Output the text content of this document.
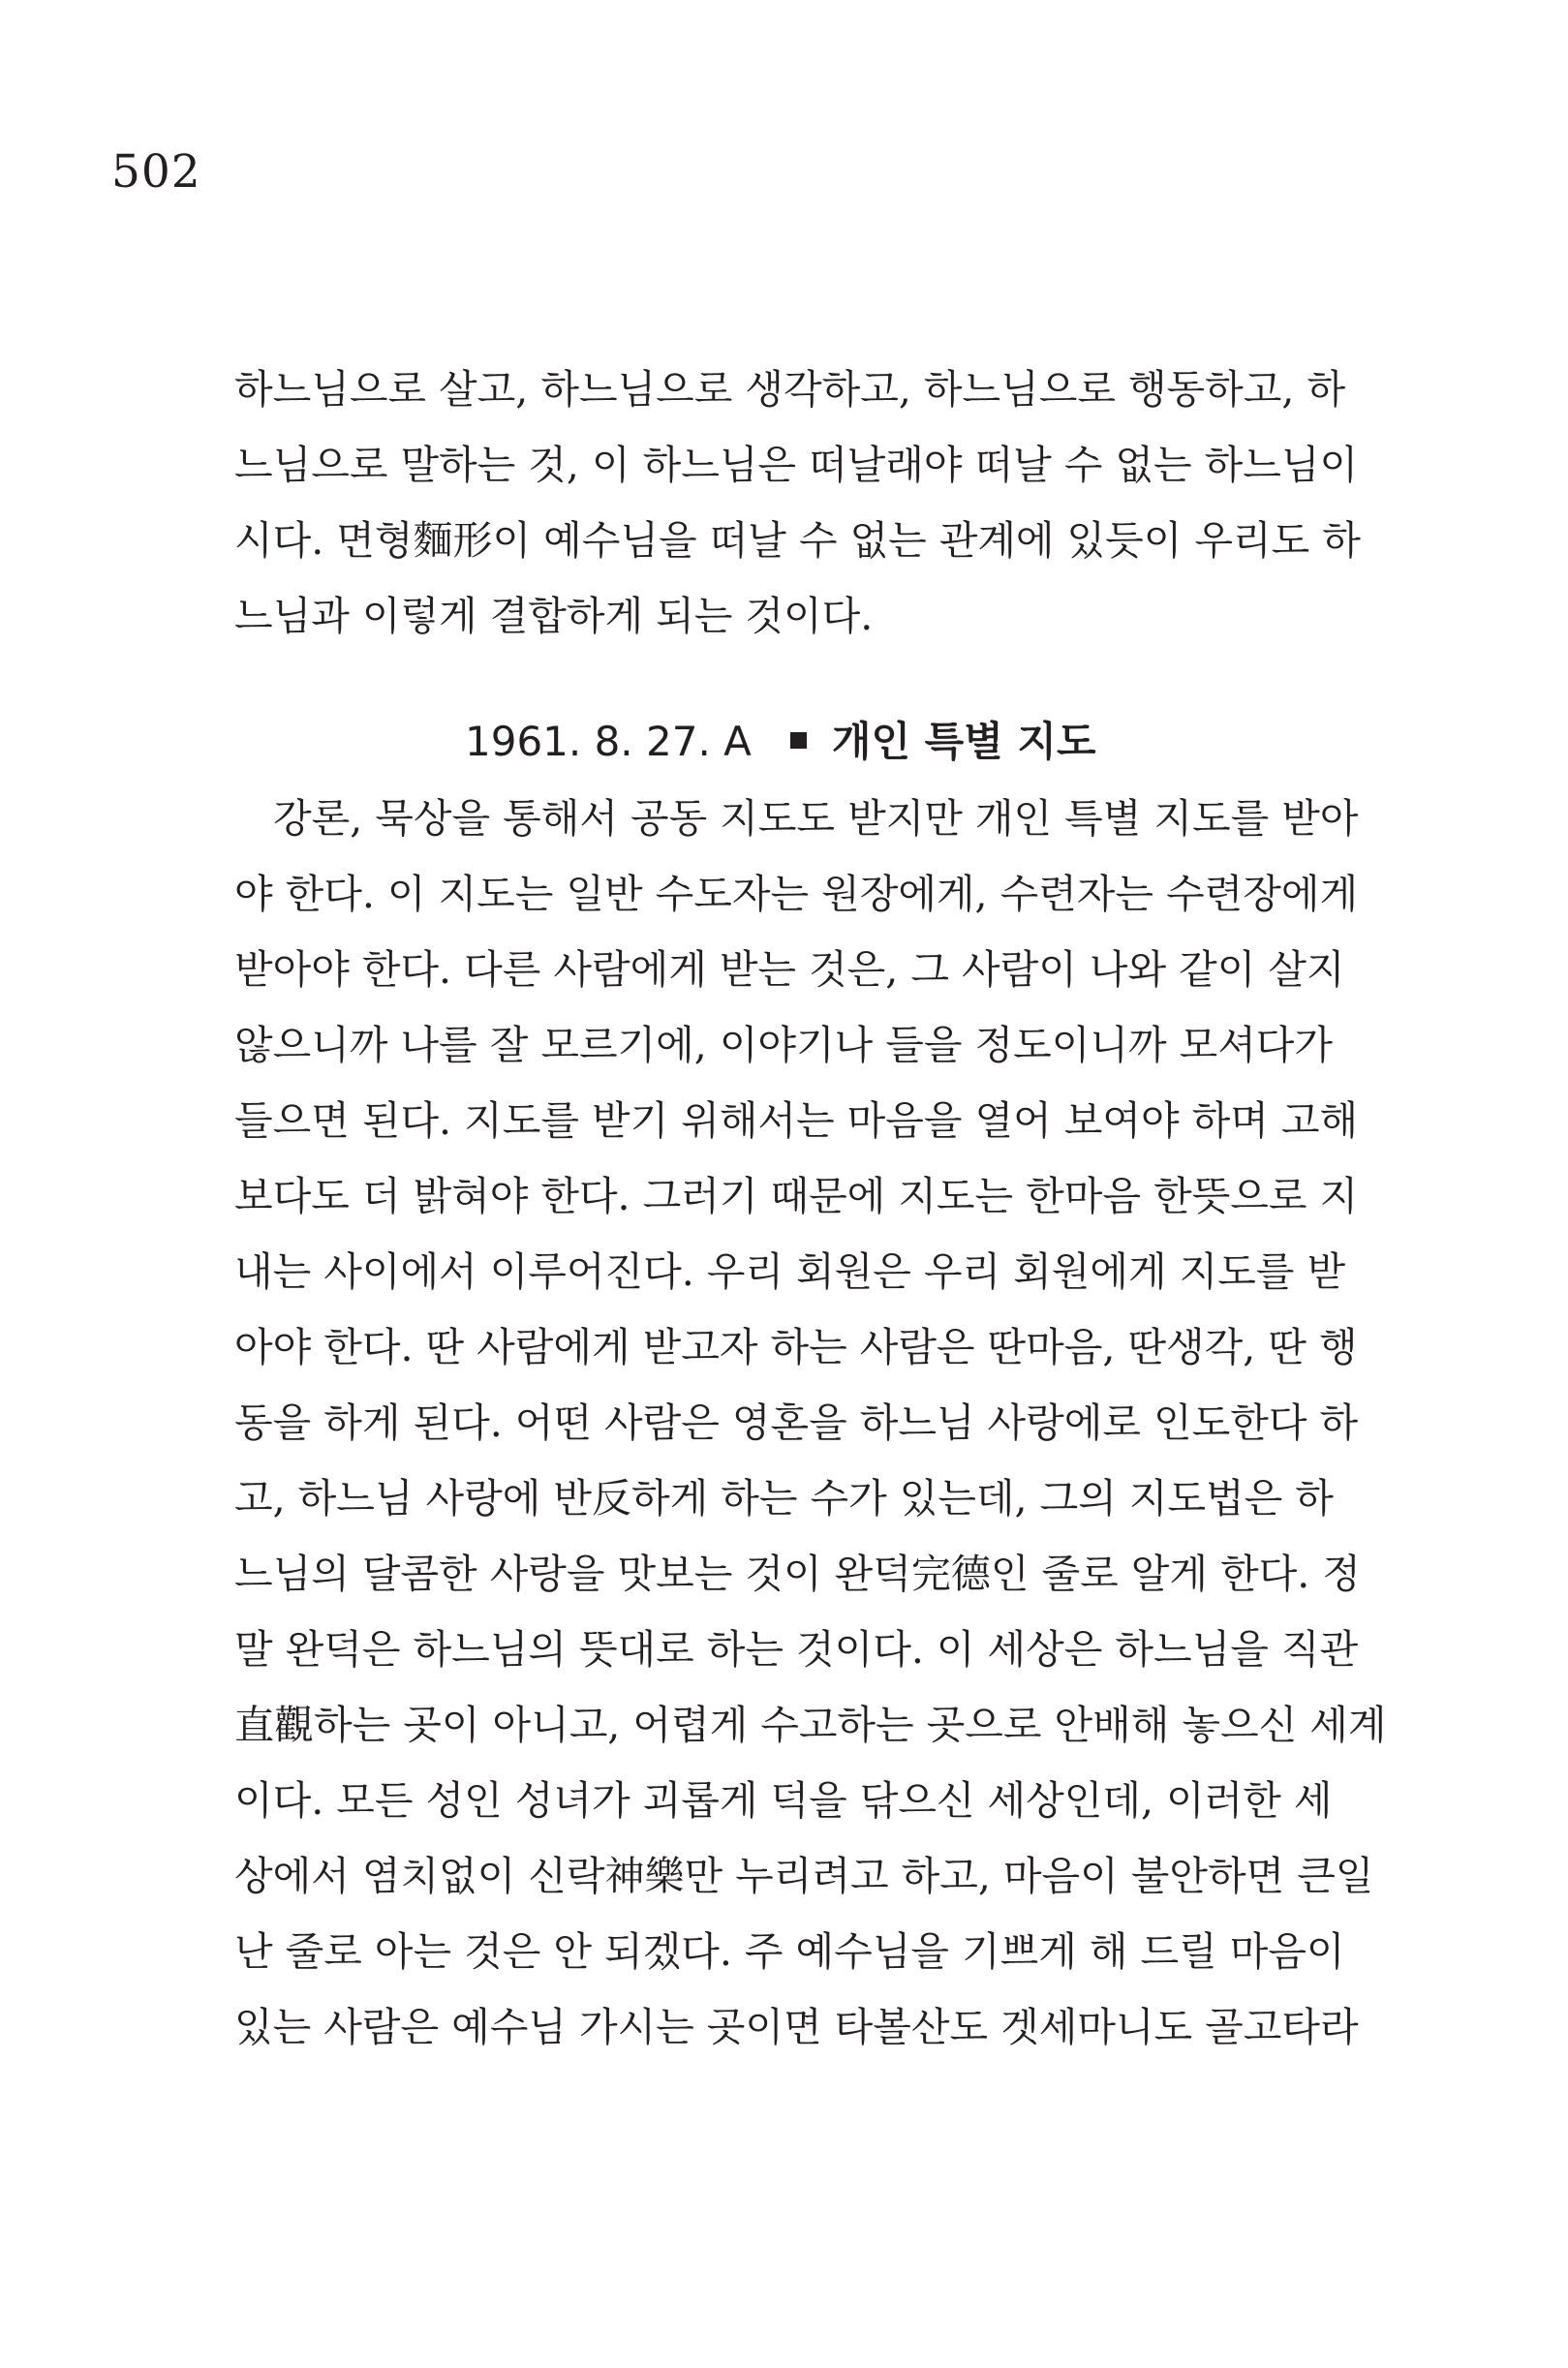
502
하느님으로 살고, 하느님으로 생각하고, 하느님으로 행동하고, 하
느님으로 말하는 것, 이 하느님은 떠날래야 떠날 수 없는 하느님이
시다. 면형麵形이 예수님을 떠날 수 없는 관계에 있듯이 우리도 하
느님과 이렇게 결합하게 되는 것이다.
1961. 8. 27. A 개인 특별 지도
강론, 묵상을 통해서 공동 지도도 받지만 개인 특별 지도를 받아
야 한다. 이 지도는 일반 수도자는 원장에게, 수련자는 수련장에게
받아야 한다. 다른 사람에게 받는 것은, 그 사람이 나와 같이 살지
않으니까 나를 잘 모르기에, 이야기나 들을 정도이니까 모셔다가
들으면 된다. 지도를 받기 위해서는 마음을 열어 보여야 하며 고해
보다도 더 밝혀야 한다. 그러기 때문에 지도는 한마음 한뜻으로 지
내는 사이에서 이루어진다. 우리 회원은 우리 회원에게 지도를 받
아야 한다. 딴 사람에게 받고자 하는 사람은 딴마음, 딴생각, 딴 행
동을 하게 된다. 어떤 사람은 영혼을 하느님 사랑에로 인도한다 하
고, 하느님 사랑에 반反하게 하는 수가 있는데, 그의 지도법은 하
느님의 달콤한 사랑을 맛보는 것이 완덕完德인 줄로 알게 한다. 정
말 완덕은 하느님의 뜻대로 하는 것이다. 이 세상은 하느님을 직관
直觀하는 곳이 아니고, 어렵게 수고하는 곳으로 안배해 놓으신 세계
이다. 모든 성인 성녀가 괴롭게 덕을 닦으신 세상인데, 이러한 세
상에서 염치없이 신락神樂만 누리려고 하고, 마음이 불안하면 큰일
난 줄로 아는 것은 안 되겠다. 주 예수님을 기쁘게 해 드릴 마음이
있는 사람은 예수님 가시는 곳이면 타볼산도 겟세마니도 골고타라
